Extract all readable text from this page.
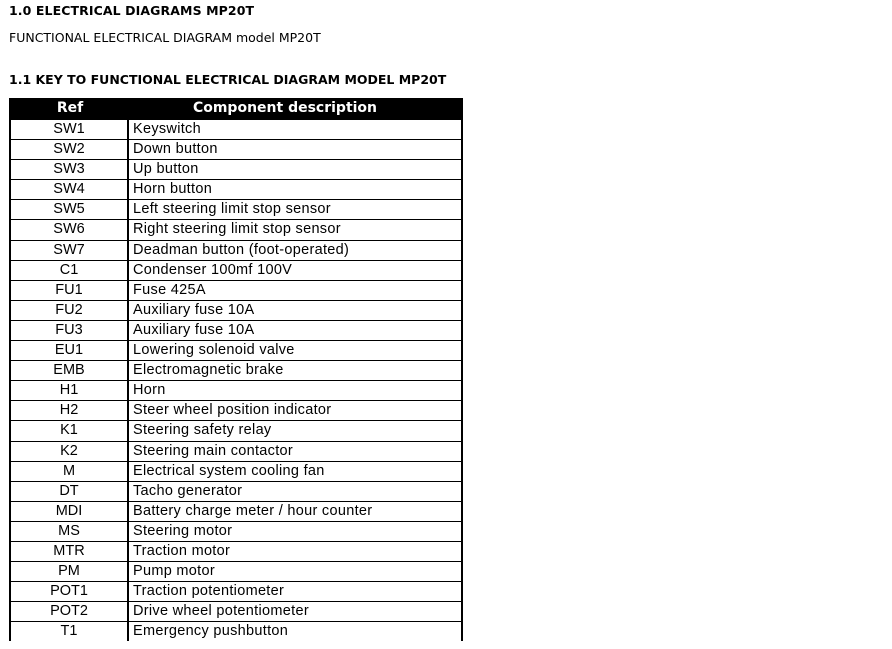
1.0 ELECTRICAL DIAGRAMS MP20T
FUNCTIONAL ELECTRICAL DIAGRAM model MP20T
1.1 KEY TO FUNCTIONAL ELECTRICAL DIAGRAM MODEL MP20T
Ref	Component description
SW1	Keyswitch
SW2	Down button
SW3	Up button
SW4	Horn button
SW5	Left steering limit stop sensor
SW6	Right steering limit stop sensor
SW7	Deadman button (foot-operated)
C1	Condenser 100mf 100V
FU1	Fuse 425A
FU2	Auxiliary fuse 10A
FU3	Auxiliary fuse 10A
EU1	Lowering solenoid valve
EMB	Electromagnetic brake
H1	Horn
H2	Steer wheel position indicator
K1	Steering safety relay
K2	Steering main contactor
M	Electrical system cooling fan
DT	Tacho generator
MDI	Battery charge meter / hour counter
MS	Steering motor
MTR	Traction motor
PM	Pump motor
POT1	Traction potentiometer
POT2	Drive wheel potentiometer
T1	Emergency pushbutton
